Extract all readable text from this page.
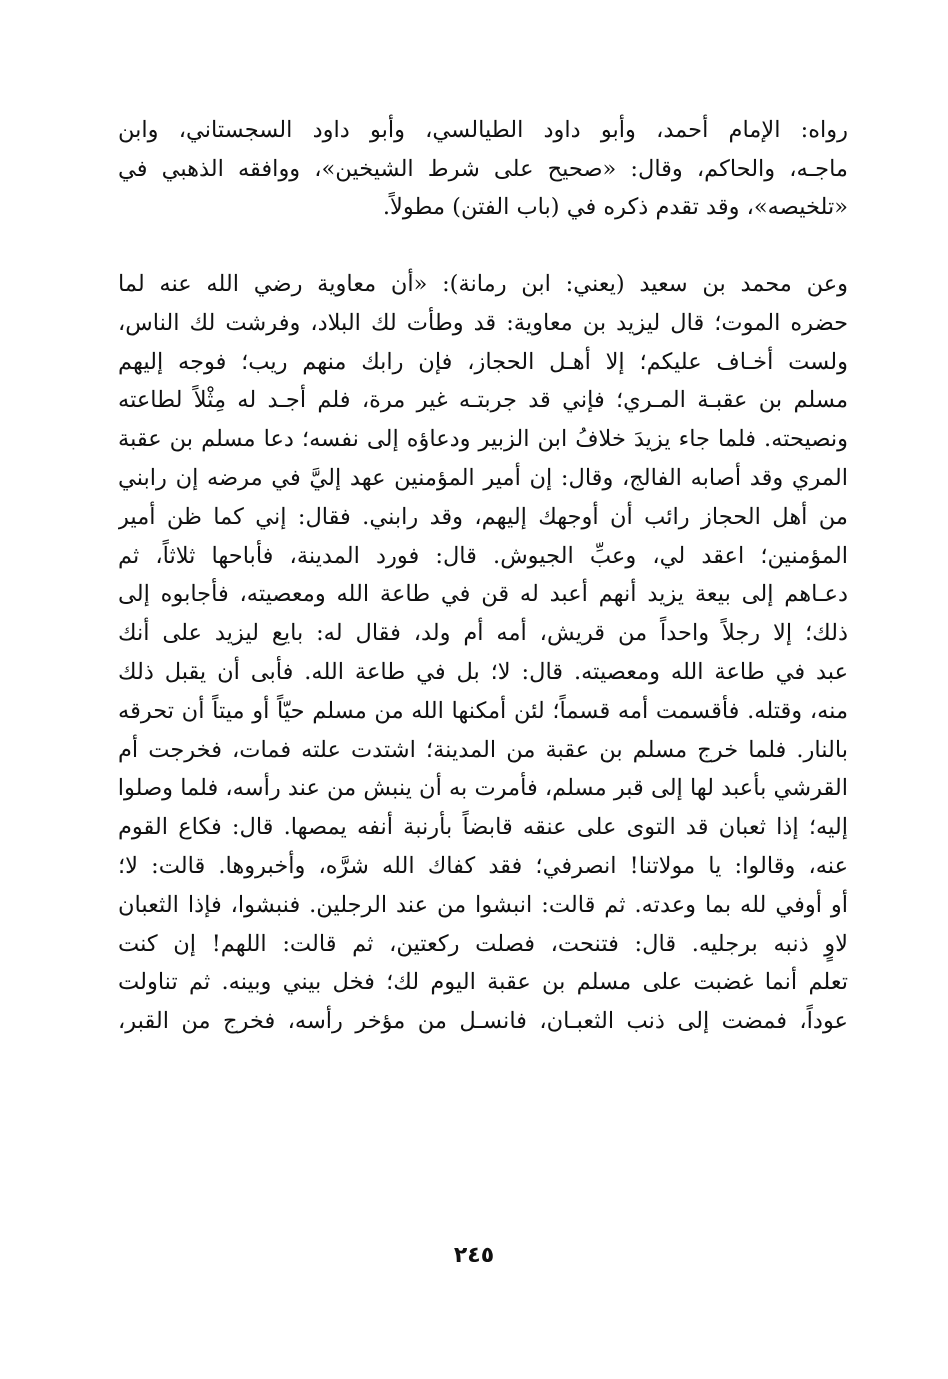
رواه: الإمام أحمد، وأبو داود الطيالسي، وأبو داود السجستاني، وابن
ماجـه، والحاكم، وقال: «صحيح على شرط الشيخين»، ووافقه الذهبي في
«تلخيصه»، وقد تقدم ذكره في (باب الفتن) مطولاً.
وعن محمد بن سعيد (يعني: ابن رمانة): «أن معاوية رضي الله عنه لما
حضره الموت؛ قال ليزيد بن معاوية: قد وطأت لك البلاد، وفرشت لك الناس،
ولست أخـاف عليكم؛ إلا أهـل الحجاز، فإن رابك منهم ريب؛ فوجه إليهم
مسلم بن عقبـة المـري؛ فإني قد جربتـه غير مرة، فلم أجـد له مِثْلاً لطاعته
ونصيحته. فلما جاء يزيدَ خلافُ ابن الزبير ودعاؤه إلى نفسه؛ دعا مسلم بن عقبة
المري وقد أصابه الفالج، وقال: إن أمير المؤمنين عهد إليَّ في مرضه إن رابني
من أهل الحجاز رائب أن أوجهك إليهم، وقد رابني. فقال: إني كما ظن أمير
المؤمنين؛ اعقد لي، وعبِّ الجيوش. قال: فورد المدينة، فأباحها ثلاثاً، ثم
دعـاهم إلى بيعة يزيد أنهم أعبد له قن في طاعة الله ومعصيته، فأجابوه إلى
ذلك؛ إلا رجلاً واحداً من قريش، أمه أم ولد، فقال له: بايع ليزيد على أنك
عبد في طاعة الله ومعصيته. قال: لا؛ بل في طاعة الله. فأبى أن يقبل ذلك
منه، وقتله. فأقسمت أمه قسماً؛ لئن أمكنها الله من مسلم حيّاً أو ميتاً أن تحرقه
بالنار. فلما خرج مسلم بن عقبة من المدينة؛ اشتدت علته فمات، فخرجت أم
القرشي بأعبد لها إلى قبر مسلم، فأمرت به أن ينبش من عند رأسه، فلما وصلوا
إليه؛ إذا ثعبان قد التوى على عنقه قابضاً بأرنبة أنفه يمصها. قال: فكاع القوم
عنه، وقالوا: يا مولاتنا! انصرفي؛ فقد كفاك الله شرَّه، وأخبروها. قالت: لا؛
أو أوفي لله بما وعدته. ثم قالت: انبشوا من عند الرجلين. فنبشوا، فإذا الثعبان
لاوٍ ذنبه برجليه. قال: فتنحت، فصلت ركعتين، ثم قالت: اللهم! إن كنت
تعلم أنما غضبت على مسلم بن عقبة اليوم لك؛ فخل بيني وبينه. ثم تناولت
عوداً، فمضت إلى ذنب الثعبـان، فانسـل من مؤخر رأسه، فخرج من القبر،
٢٤٥
